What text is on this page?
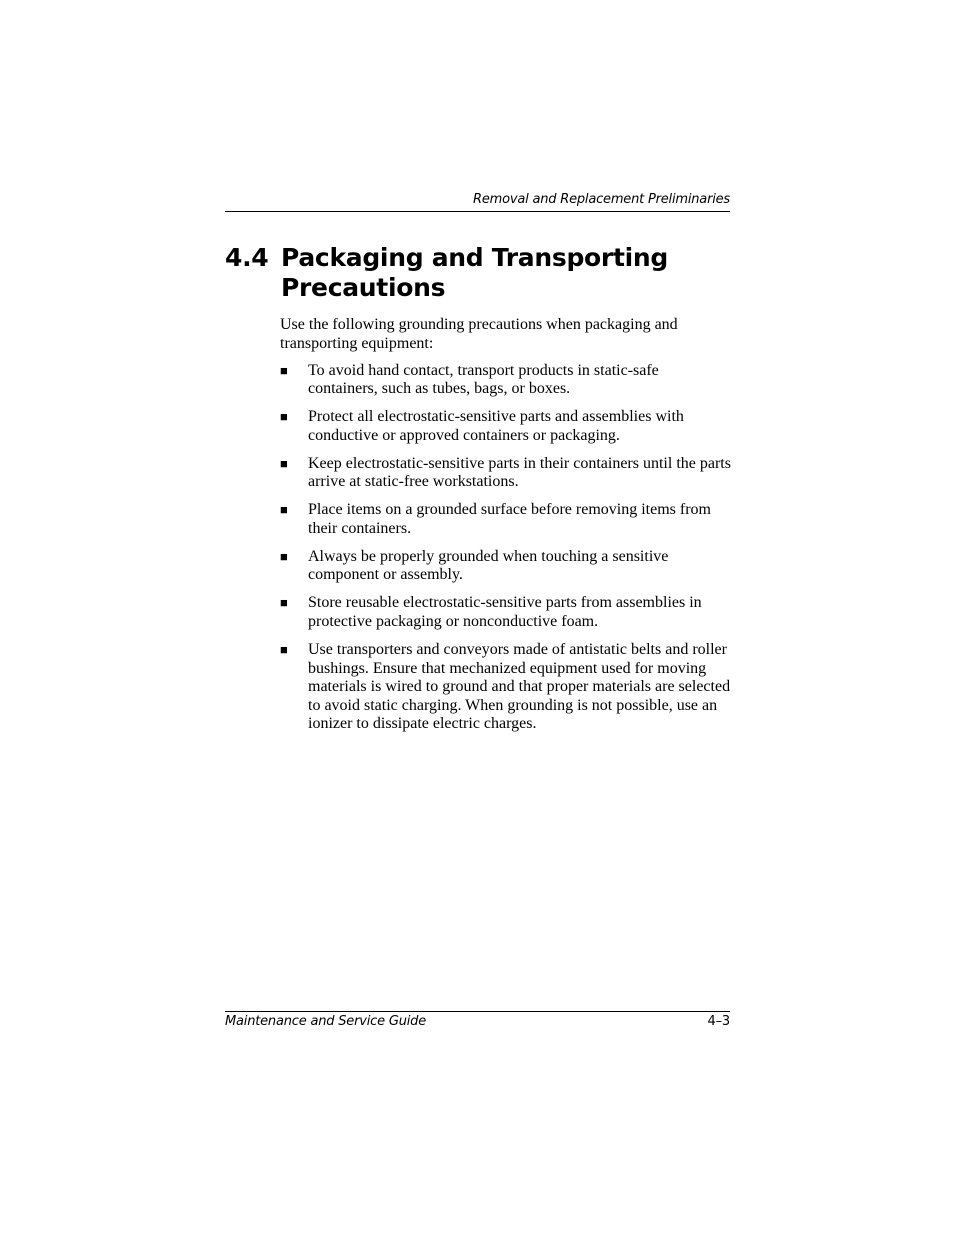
Removal and Replacement Preliminaries
4.4 Packaging and Transporting
Precautions

Use the following grounding precautions when packaging and transporting equipment:

■	To avoid hand contact, transport products in static-safe containers, such as tubes, bags, or boxes.
■	Protect all electrostatic-sensitive parts and assemblies with conductive or approved containers or packaging.
■	Keep electrostatic-sensitive parts in their containers until the parts arrive at static-free workstations.
■	Place items on a grounded surface before removing items from their containers.
■	Always be properly grounded when touching a sensitive component or assembly.
■	Store reusable electrostatic-sensitive parts from assemblies in protective packaging or nonconductive foam.
■	Use transporters and conveyors made of antistatic belts and roller bushings. Ensure that mechanized equipment used for moving materials is wired to ground and that proper materials are selected to avoid static charging. When grounding is not possible, use an ionizer to dissipate electric charges.
Maintenance and Service Guide	4–3
